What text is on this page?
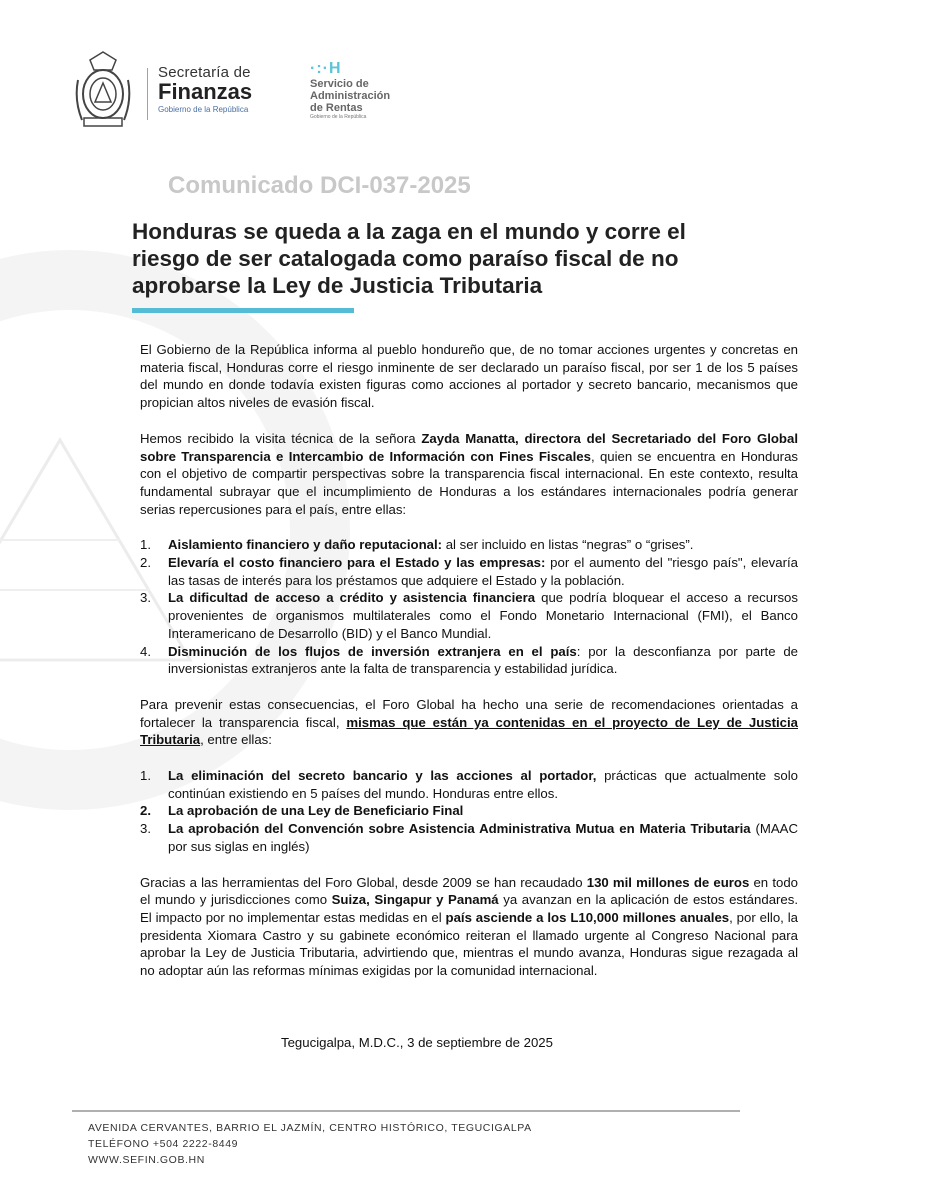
Secretaría de
Finanzas
Gobierno de la República
·:·H
Servicio de
Administración
de Rentas
Gobierno de la República
Comunicado DCI-037-2025
Honduras se queda a la zaga en el mundo y corre el riesgo de ser catalogada como paraíso fiscal de no aprobarse la Ley de Justicia Tributaria

El Gobierno de la República informa al pueblo hondureño que, de no tomar acciones urgentes y concretas en materia fiscal, Honduras corre el riesgo inminente de ser declarado un paraíso fiscal, por ser 1 de los 5 países del mundo en donde todavía existen figuras como acciones al portador y secreto bancario, mecanismos que propician altos niveles de evasión fiscal.

Hemos recibido la visita técnica de la señora Zayda Manatta, directora del Secretariado del Foro Global sobre Transparencia e Intercambio de Información con Fines Fiscales, quien se encuentra en Honduras con el objetivo de compartir perspectivas sobre la transparencia fiscal internacional. En este contexto, resulta fundamental subrayar que el incumplimiento de Honduras a los estándares internacionales podría generar serias repercusiones para el país, entre ellas:

1. Aislamiento financiero y daño reputacional: al ser incluido en listas “negras” o “grises”.
2. Elevaría el costo financiero para el Estado y las empresas: por el aumento del "riesgo país", elevaría las tasas de interés para los préstamos que adquiere el Estado y la población.
3. La dificultad de acceso a crédito y asistencia financiera que podría bloquear el acceso a recursos provenientes de organismos multilaterales como el Fondo Monetario Internacional (FMI), el Banco Interamericano de Desarrollo (BID) y el Banco Mundial.
4. Disminución de los flujos de inversión extranjera en el país: por la desconfianza por parte de inversionistas extranjeros ante la falta de transparencia y estabilidad jurídica.

Para prevenir estas consecuencias, el Foro Global ha hecho una serie de recomendaciones orientadas a fortalecer la transparencia fiscal, mismas que están ya contenidas en el proyecto de Ley de Justicia Tributaria, entre ellas:

1. La eliminación del secreto bancario y las acciones al portador, prácticas que actualmente solo continúan existiendo en 5 países del mundo. Honduras entre ellos.
2. La aprobación de una Ley de Beneficiario Final
3. La aprobación del Convención sobre Asistencia Administrativa Mutua en Materia Tributaria (MAAC por sus siglas en inglés)

Gracias a las herramientas del Foro Global, desde 2009 se han recaudado 130 mil millones de euros en todo el mundo y jurisdicciones como Suiza, Singapur y Panamá ya avanzan en la aplicación de estos estándares. El impacto por no implementar estas medidas en el país asciende a los L10,000 millones anuales, por ello, la presidenta Xiomara Castro y su gabinete económico reiteran el llamado urgente al Congreso Nacional para aprobar la Ley de Justicia Tributaria, advirtiendo que, mientras el mundo avanza, Honduras sigue rezagada al no adoptar aún las reformas mínimas exigidas por la comunidad internacional.

Tegucigalpa, M.D.C., 3 de septiembre de 2025
AVENIDA CERVANTES, BARRIO EL JAZMÍN, CENTRO HISTÓRICO, TEGUCIGALPA
TELÉFONO +504 2222-8449
WWW.SEFIN.GOB.HN
